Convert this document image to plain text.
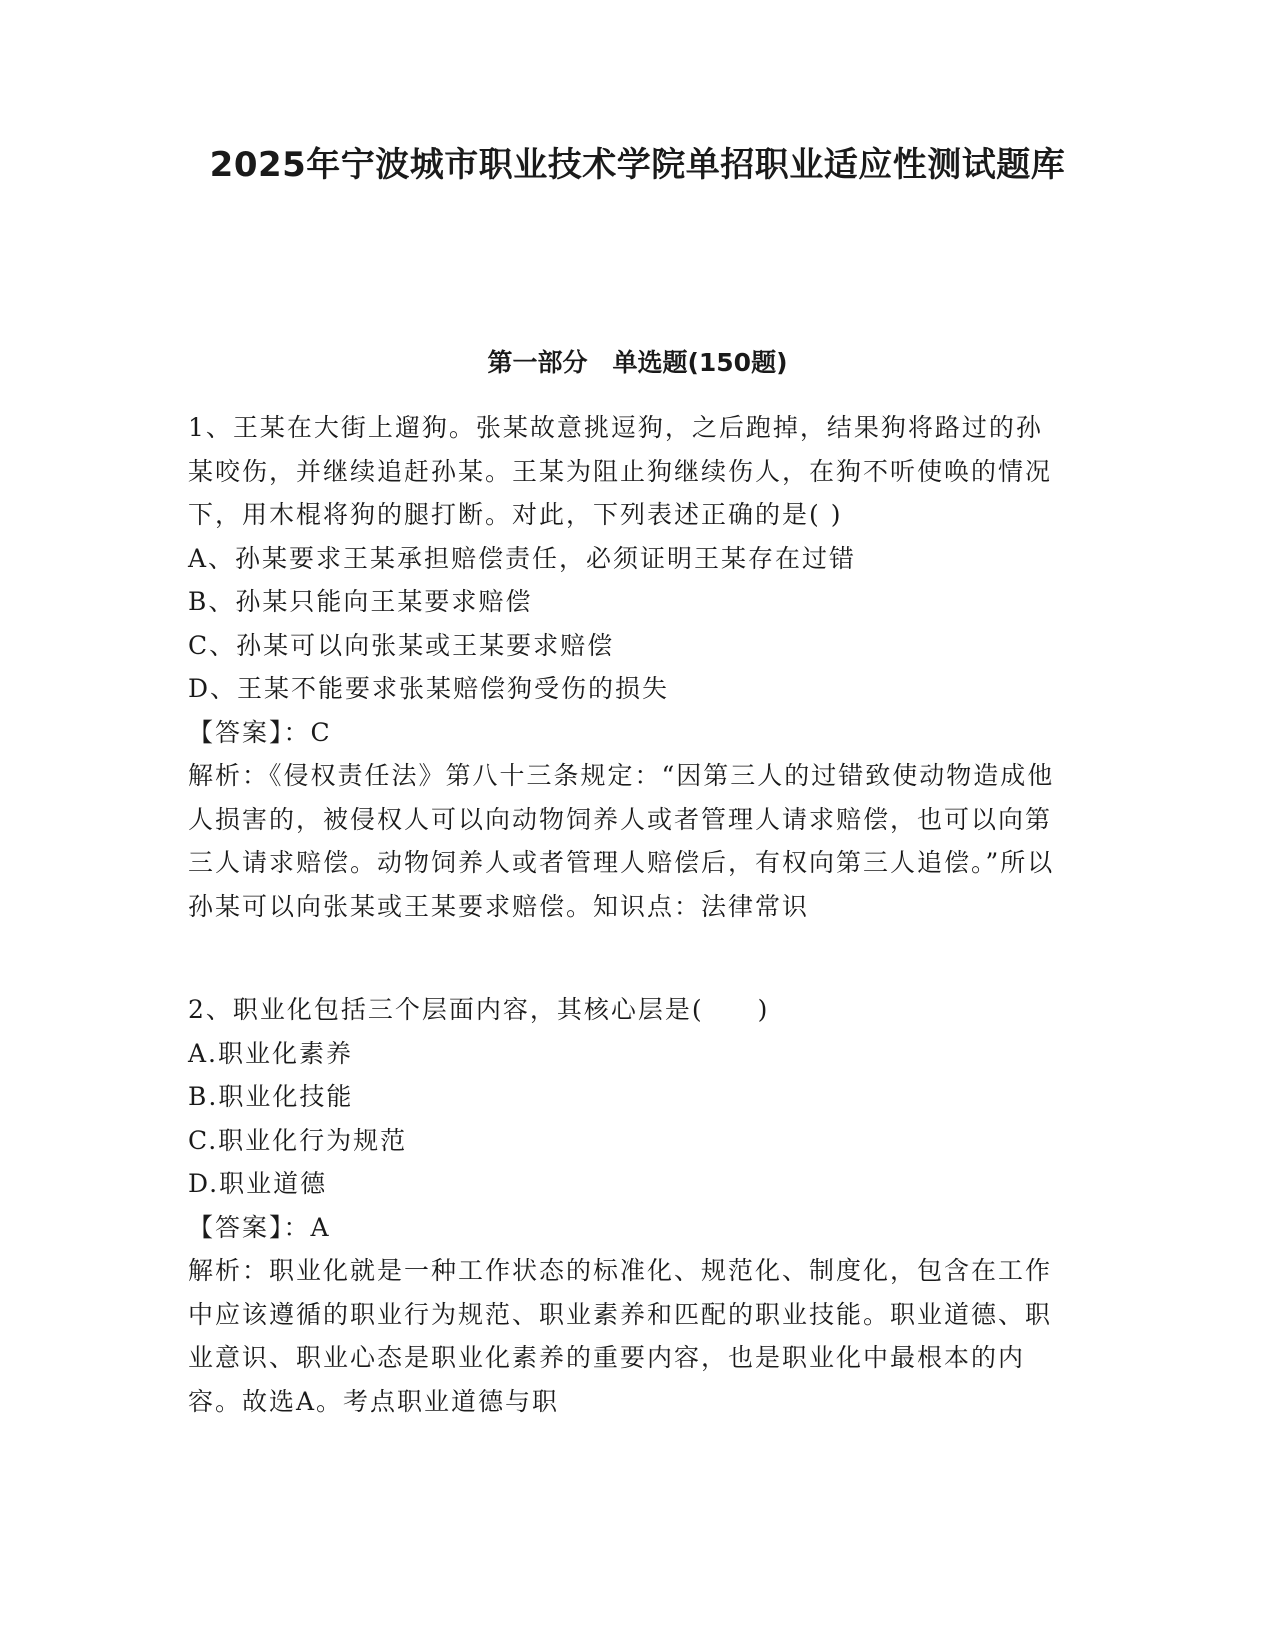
2025年宁波城市职业技术学院单招职业适应性测试题库
第一部分　单选题(150题)

1、王某在大街上遛狗。张某故意挑逗狗，之后跑掉，结果狗将路过的孙某咬伤，并继续追赶孙某。王某为阻止狗继续伤人，在狗不听使唤的情况下，用木棍将狗的腿打断。对此，下列表述正确的是( )

A、孙某要求王某承担赔偿责任，必须证明王某存在过错

B、孙某只能向王某要求赔偿

C、孙某可以向张某或王某要求赔偿

D、王某不能要求张某赔偿狗受伤的损失

【答案】：C

解析：《侵权责任法》第八十三条规定：“因第三人的过错致使动物造成他人损害的，被侵权人可以向动物饲养人或者管理人请求赔偿，也可以向第三人请求赔偿。动物饲养人或者管理人赔偿后，有权向第三人追偿。”所以孙某可以向张某或王某要求赔偿。知识点：法律常识

2、职业化包括三个层面内容，其核心层是(　　)

A.职业化素养

B.职业化技能

C.职业化行为规范

D.职业道德

【答案】：A

解析：职业化就是一种工作状态的标准化、规范化、制度化，包含在工作中应该遵循的职业行为规范、职业素养和匹配的职业技能。职业道德、职业意识、职业心态是职业化素养的重要内容，也是职业化中最根本的内容。故选A。考点职业道德与职
